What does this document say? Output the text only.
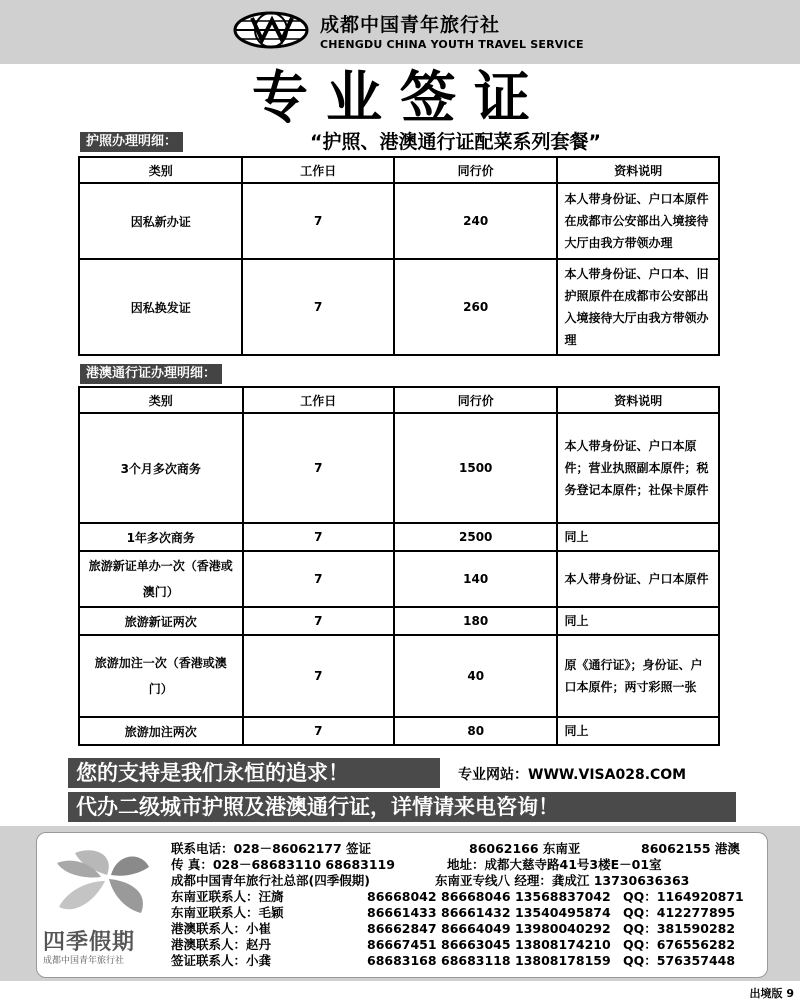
成都中国青年旅行社
CHENGDU CHINA YOUTH TRAVEL SERVICE
专业签证
护照办理明细：	“护照、港澳通行证配菜系列套餐”
类别	工作日	同行价	资料说明
因私新办证	7	240	本人带身份证、户口本原件在成都市公安部出入境接待大厅由我方带领办理
因私换发证	7	260	本人带身份证、户口本、旧护照原件在成都市公安部出入境接待大厅由我方带领办理
港澳通行证办理明细：
类别	工作日	同行价	资料说明
3个月多次商务	7	1500	本人带身份证、户口本原件；营业执照副本原件；税务登记本原件；社保卡原件
1年多次商务	7	2500	同上
旅游新证单办一次（香港或澳门）	7	140	本人带身份证、户口本原件
旅游新证两次	7	180	同上
旅游加注一次（香港或澳门）	7	40	原《通行证》；身份证、户口本原件；两寸彩照一张
旅游加注两次	7	80	同上
您的支持是我们永恒的追求！	专业网站：WWW.VISA028.COM
代办二级城市护照及港澳通行证，详情请来电咨询！
四季假期
成都中国青年旅行社
联系电话：028－86062177 签证	86062166 东南亚	86062155 港澳
传 真：028－68683110 68683119	地址：成都大慈寺路41号3楼E－01室
成都中国青年旅行社总部(四季假期)	东南亚专线八 经理：龚成江 13730636363
东南亚联系人：汪旖	86668042 86668046 13568837042 QQ：1164920871
东南亚联系人：毛颖	86661433 86661432 13540495874 QQ：412277895
港澳联系人：小崔	86662847 86664049 13980040292 QQ：381590282
港澳联系人：赵丹	86667451 86663045 13808174210 QQ：676556282
签证联系人：小龚	68683168 68683118 13808178159 QQ：576357448
出境版 9
